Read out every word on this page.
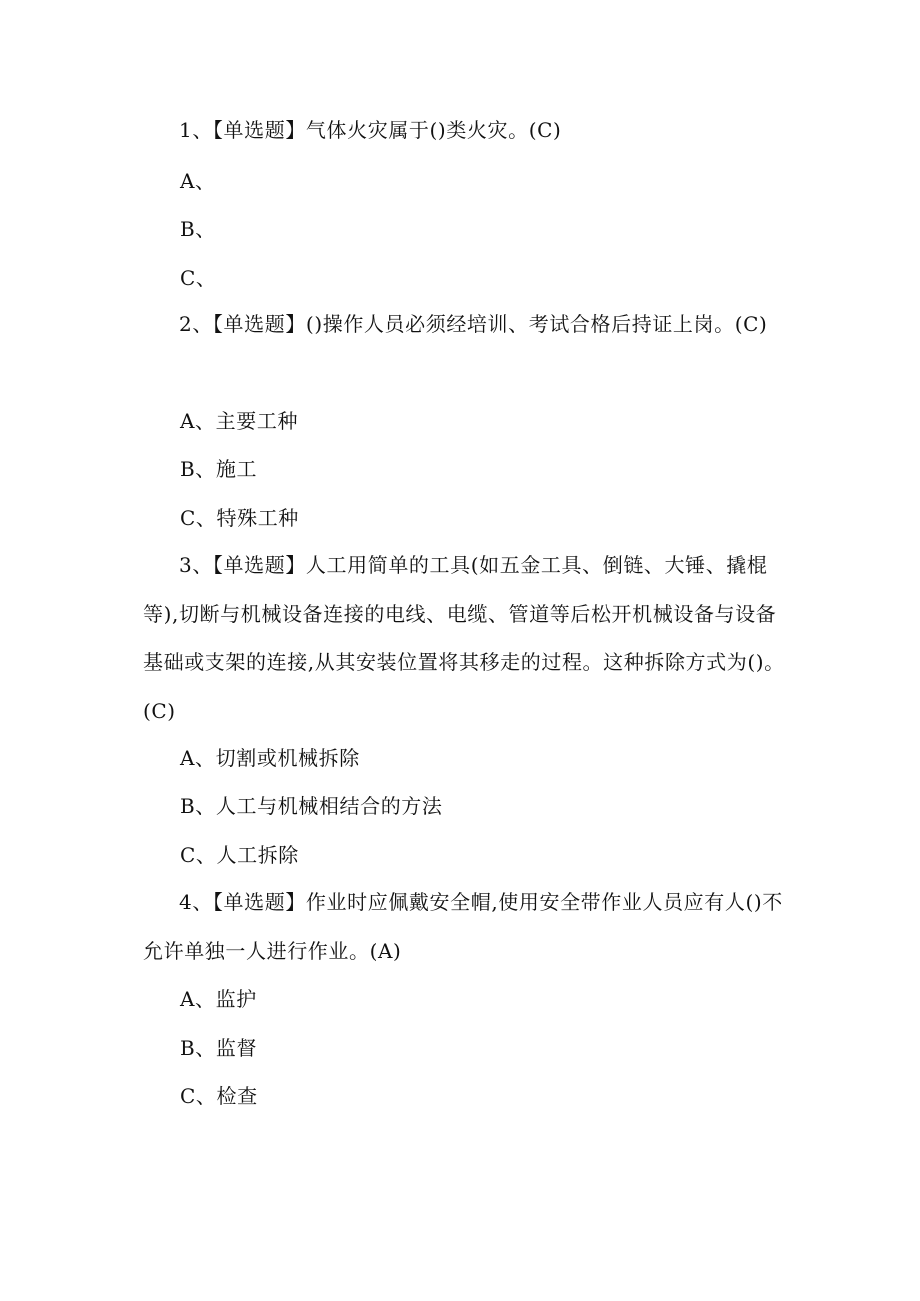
1、【单选题】气体火灾属于()类火灾。(C)

A、

B、

C、

2、【单选题】()操作人员必须经培训、考试合格后持证上岗。(C)

A、主要工种

B、施工

C、特殊工种

3、【单选题】人工用简单的工具(如五金工具、倒链、大锤、撬棍等),切断与机械设备连接的电线、电缆、管道等后松开机械设备与设备基础或支架的连接,从其安装位置将其移走的过程。这种拆除方式为()。(C)

A、切割或机械拆除

B、人工与机械相结合的方法

C、人工拆除

4、【单选题】作业时应佩戴安全帽,使用安全带作业人员应有人()不允许单独一人进行作业。(A)

A、监护

B、监督

C、检查
